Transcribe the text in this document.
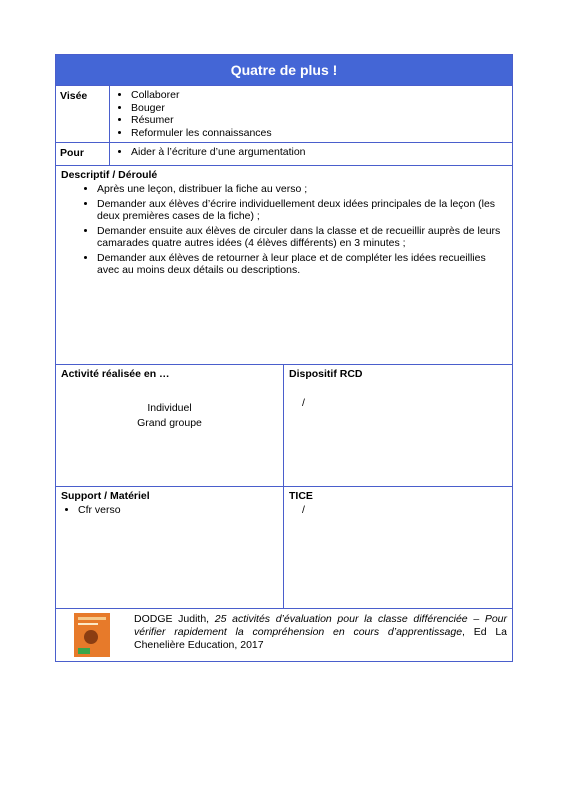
Quatre de plus !
Visée	• Collaborer
• Bouger
• Résumer
• Reformuler les connaissances
Pour	• Aider à l’écriture d’une argumentation
Descriptif / Déroulé
• Après une leçon, distribuer la fiche au verso ;
• Demander aux élèves d’écrire individuellement deux idées principales de la leçon (les deux premières cases de la fiche) ;
• Demander ensuite aux élèves de circuler dans la classe et de recueillir auprès de leurs camarades quatre autres idées (4 élèves différents) en 3 minutes ;
• Demander aux élèves de retourner à leur place et de compléter les idées recueillies avec au moins deux détails ou descriptions.
Activité réalisée en …
Individuel
Grand groupe
Dispositif RCD
/
Support / Matériel
• Cfr verso
TICE
/
DODGE Judith, 25 activités d’évaluation pour la classe différenciée – Pour vérifier rapidement la compréhension en cours d’apprentissage, Ed La Chenelière Education, 2017
